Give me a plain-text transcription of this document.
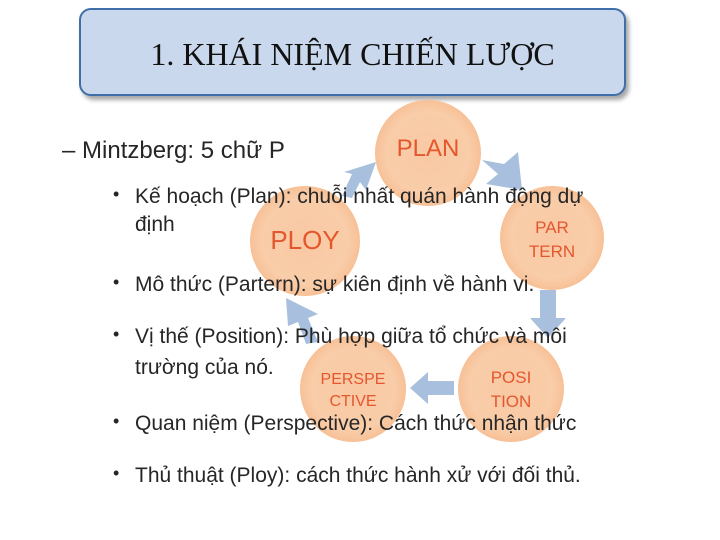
1. KHÁI NIỆM CHIẾN LƯỢC
PLAN
PAR
TERN
POSI
TION
PERSPE
CTIVE
PLOY
– Mintzberg: 5 chữ P
• Kế hoạch (Plan): chuỗi nhất quán hành động dự
định
• Mô thức (Partern): sự kiên định về hành vi.
• Vị thế (Position): Phù hợp giữa tổ chức và môi
trường của nó.
• Quan niệm (Perspective): Cách thức nhận thức
• Thủ thuật (Ploy): cách thức hành xử với đối thủ.
